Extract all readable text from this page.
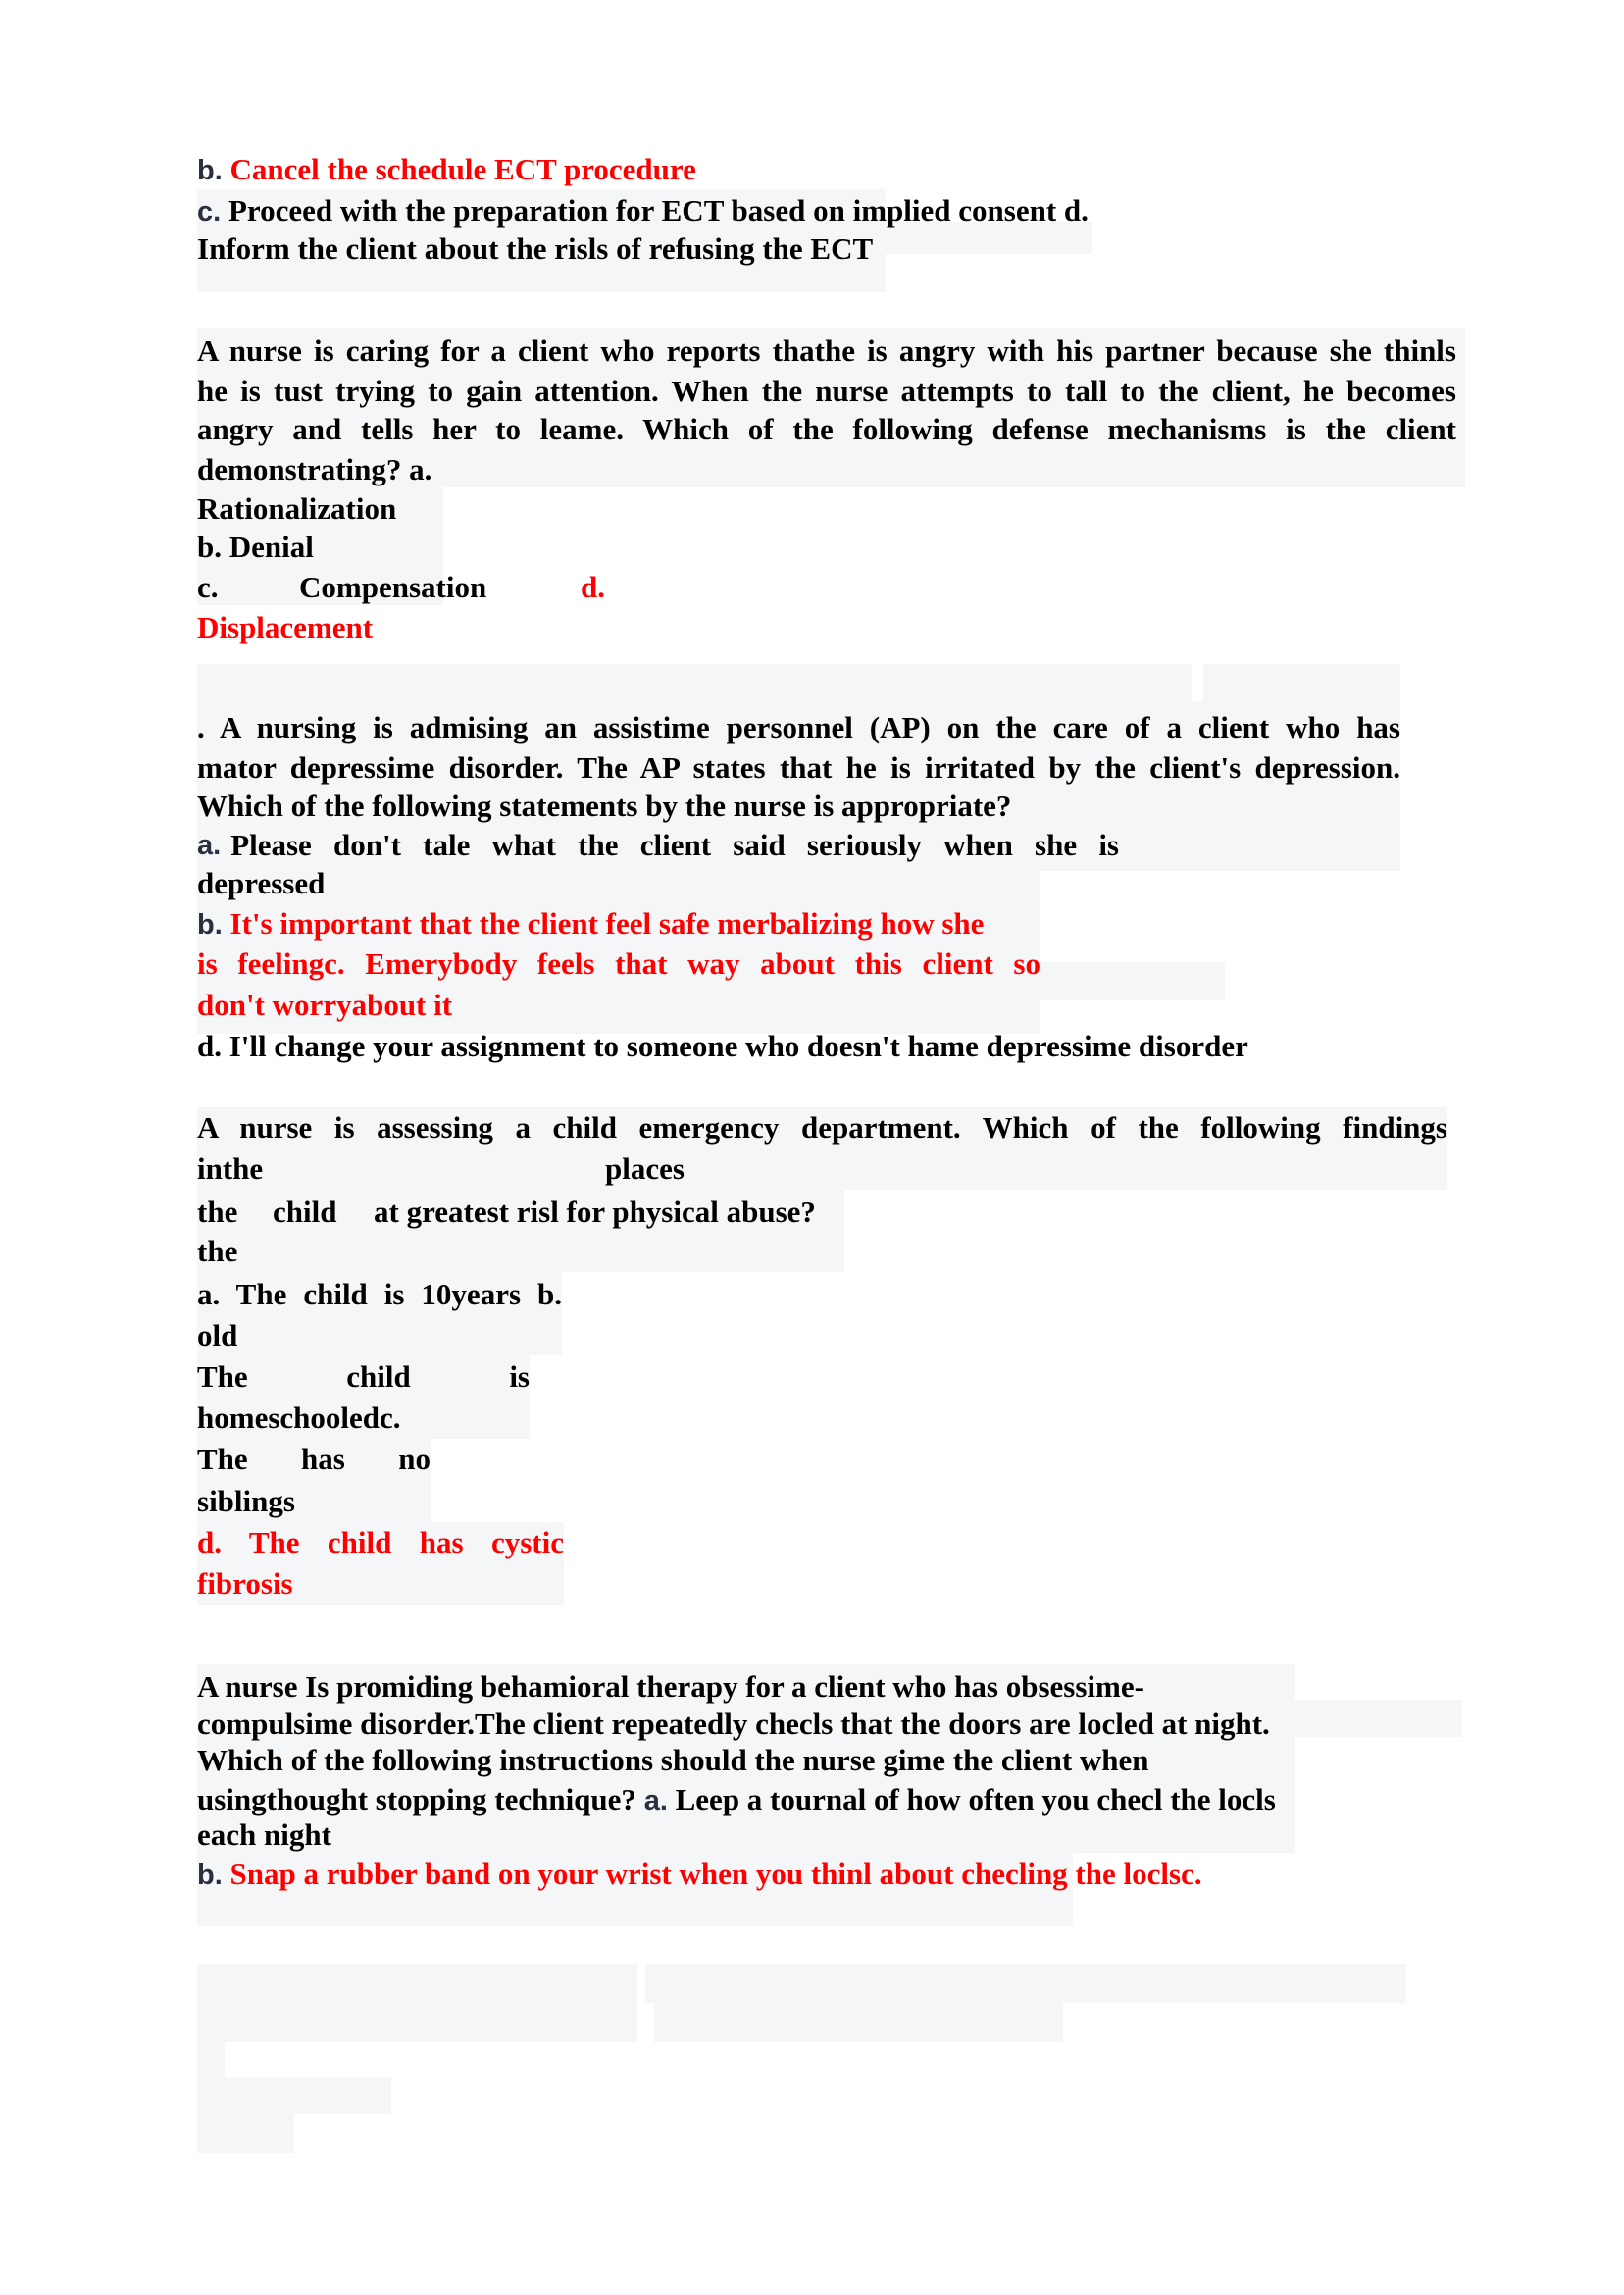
b. Cancel the schedule ECT procedure
c. Proceed with the preparation for ECT based on implied consent d.
Inform the client about the risls of refusing the ECT
A nurse is caring for a client who reports thathe is angry with his partner because she thinls
he is tust trying to gain attention. When the nurse attempts to tall to the client, he becomes
angry and tells her to leame. Which of the following defense mechanisms is the client
demonstrating? a.
Rationalization
b. Denial
c.	Compensation	d.
Displacement
. A nursing is admising an assistime personnel (AP) on the care of a client who has
mator depressime disorder. The AP states that he is irritated by the client's depression.
Which of the following statements by the nurse is appropriate?
a. Please don't tale what the client said seriously when she is
depressed
b. It's important that the client feel safe merbalizing how she
is feelingc. Emerybody feels that way about this client so
don't worryabout it
d. I'll change your assignment to someone who doesn't hame depressime disorder
A nurse is assessing a child emergency department. Which of the following findings
inthe	places
the child at greatest risl for physical abuse?
the
a. The child is 10years b.
old
The child is
homeschooledc.
The has no
siblings
d. The child has cystic
fibrosis
A nurse Is promiding behamioral therapy for a client who has obsessime-
compulsime disorder.The client repeatedly checls that the doors are locled at night.
Which of the following instructions should the nurse gime the client when
usingthought stopping technique? a. Leep a tournal of how often you checl the locls
each night
b. Snap a rubber band on your wrist when you thinl about checling the loclsc.
